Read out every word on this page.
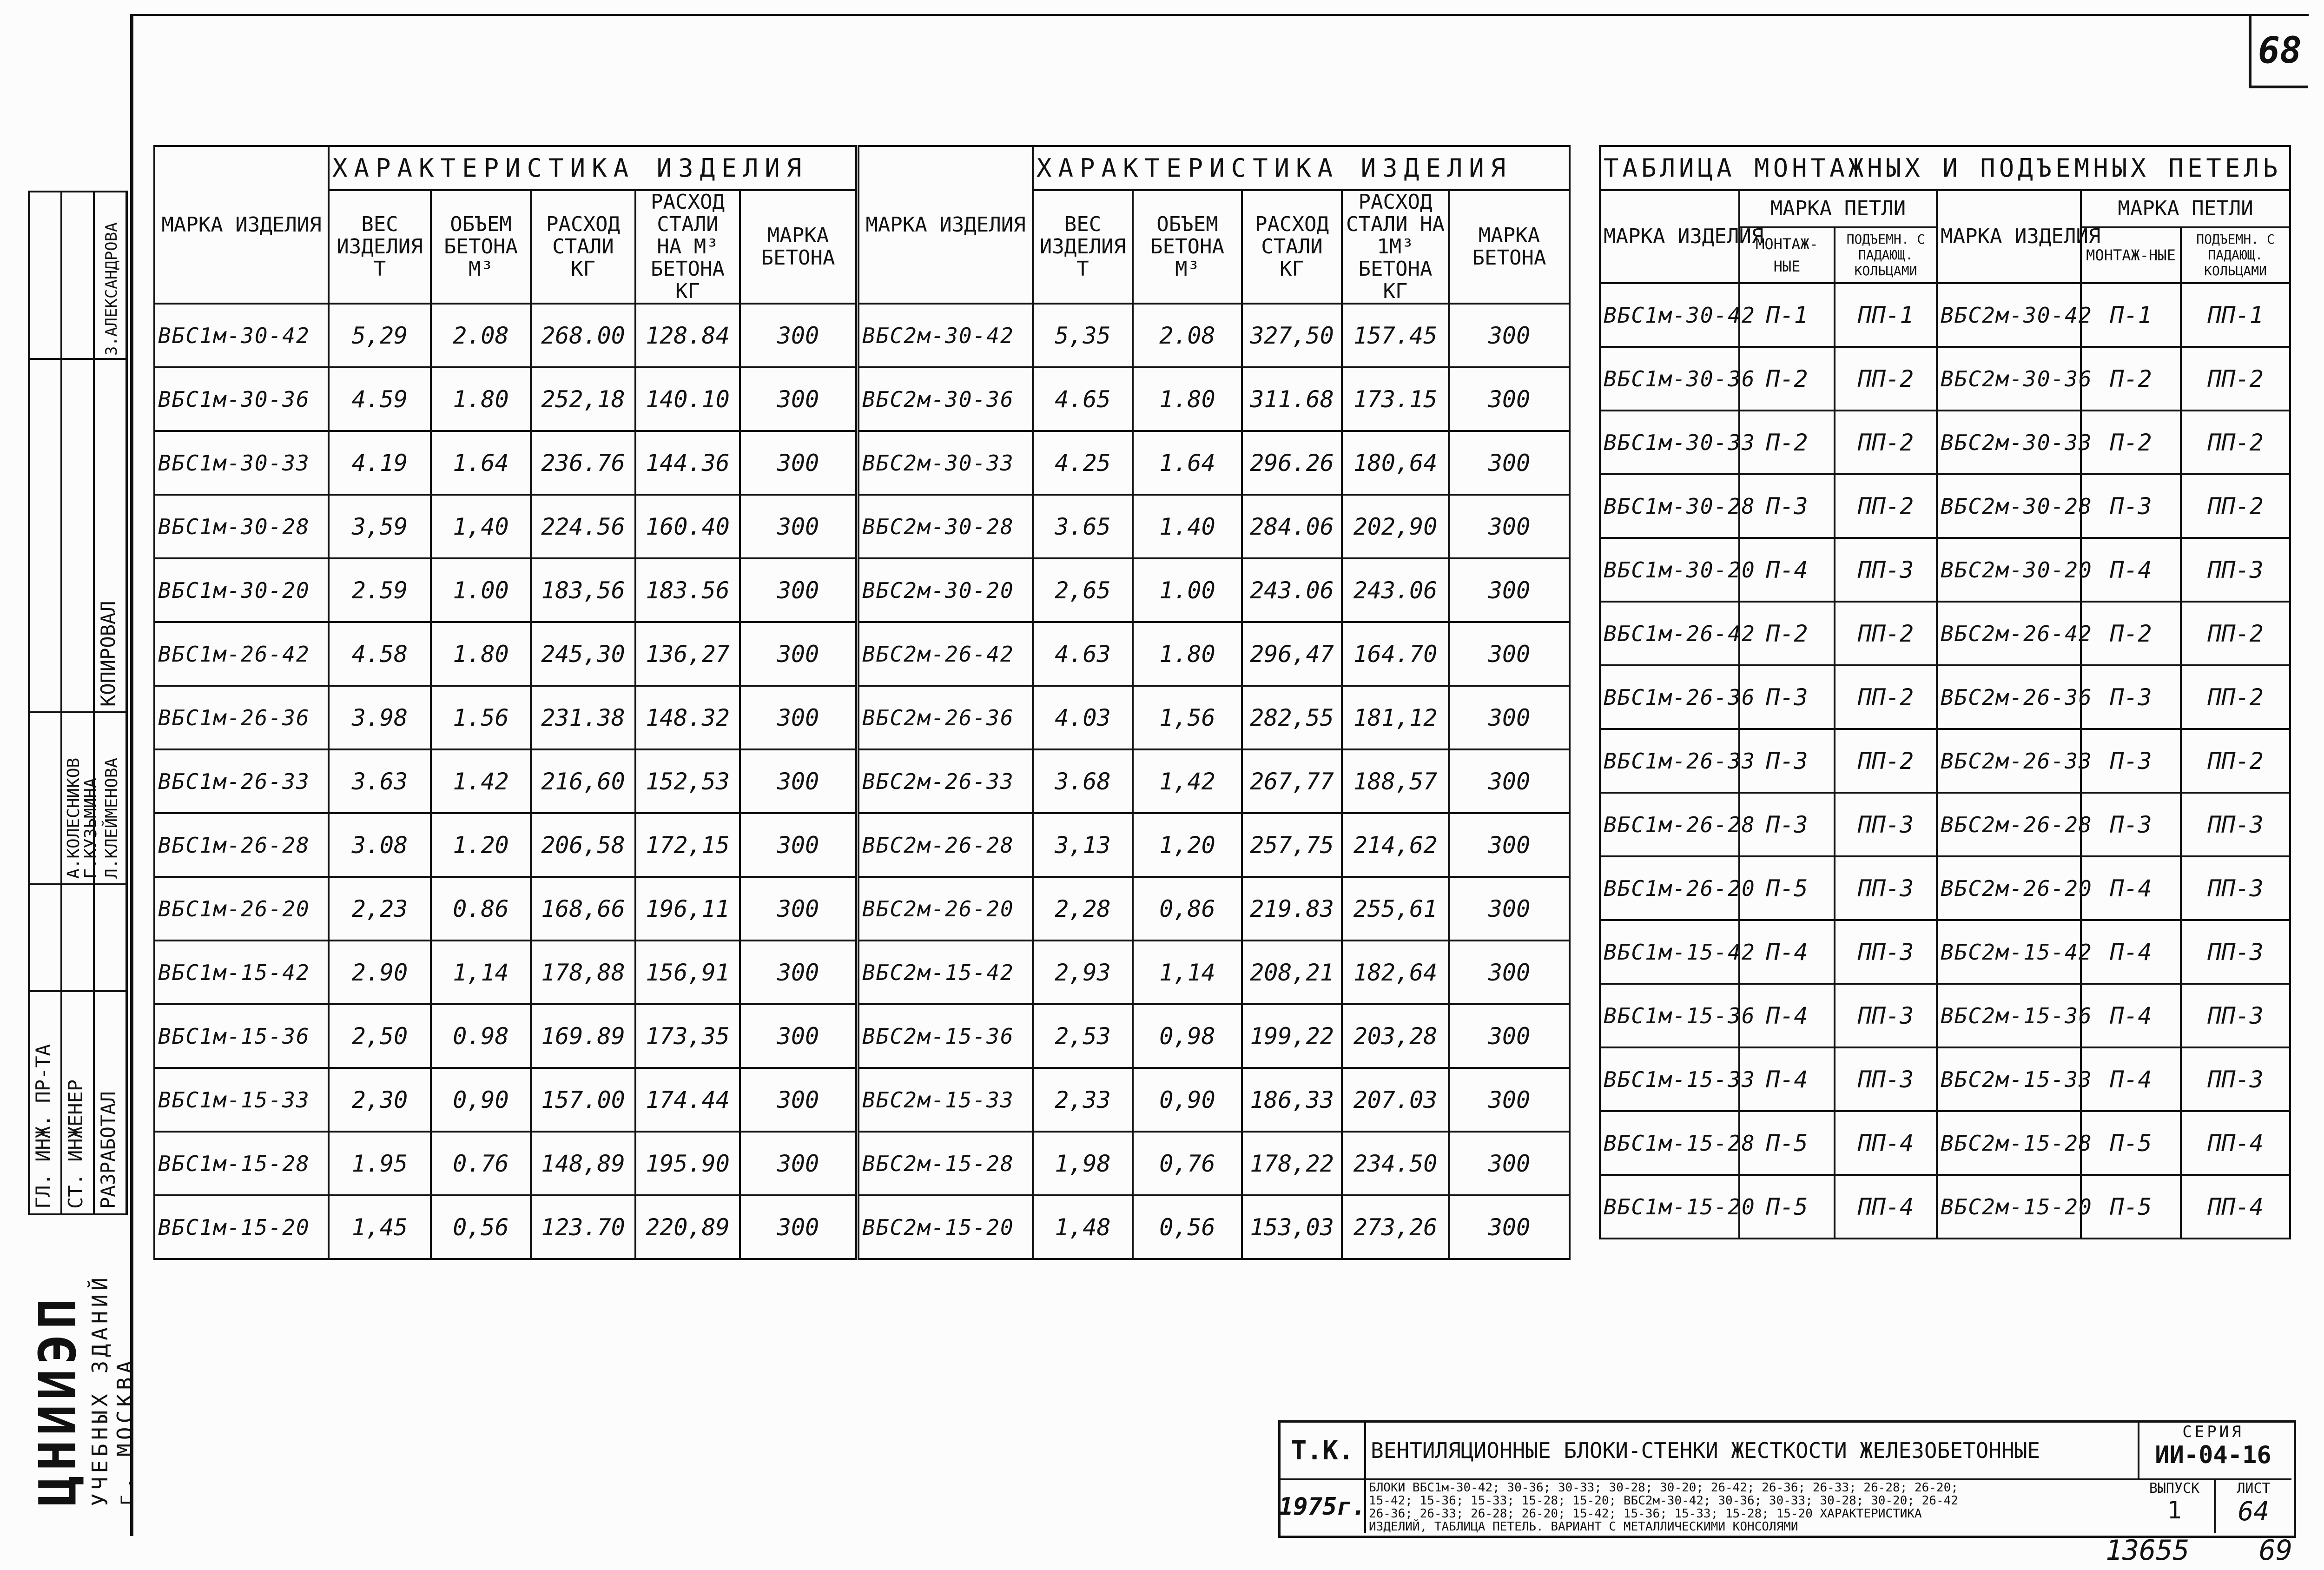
68
МАРКА ИЗДЕЛИЯ	ХАРАКТЕРИСТИКА ИЗДЕЛИЯ				
	ВЕС ИЗДЕЛИЯ Т	ОБЪЕМ БЕТОНА М³	РАСХОД СТАЛИ КГ	РАСХОД СТАЛИ НА М³ БЕТОНА КГ	МАРКА БЕТОНА
ВБС1м-30-42	5,29	2.08	268.00	128.84	300
ВБС1м-30-36	4.59	1.80	252,18	140.10	300
ВБС1м-30-33	4.19	1.64	236.76	144.36	300
ВБС1м-30-28	3,59	1,40	224.56	160.40	300
ВБС1м-30-20	2.59	1.00	183,56	183.56	300
ВБС1м-26-42	4.58	1.80	245,30	136,27	300
ВБС1м-26-36	3.98	1.56	231.38	148.32	300
ВБС1м-26-33	3.63	1.42	216,60	152,53	300
ВБС1м-26-28	3.08	1.20	206,58	172,15	300
ВБС1м-26-20	2,23	0.86	168,66	196,11	300
ВБС1м-15-42	2.90	1,14	178,88	156,91	300
ВБС1м-15-36	2,50	0.98	169.89	173,35	300
ВБС1м-15-33	2,30	0,90	157.00	174.44	300
ВБС1м-15-28	1.95	0.76	148,89	195.90	300
ВБС1м-15-20	1,45	0,56	123.70	220,89	300
МАРКА ИЗДЕЛИЯ	ХАРАКТЕРИСТИКА ИЗДЕЛИЯ				
	ВЕС ИЗДЕЛИЯ Т	ОБЪЕМ БЕТОНА М³	РАСХОД СТАЛИ КГ	РАСХОД СТАЛИ НА 1М³ БЕТОНА КГ	МАРКА БЕТОНА
ВБС2м-30-42	5,35	2.08	327,50	157.45	300
ВБС2м-30-36	4.65	1.80	311.68	173.15	300
ВБС2м-30-33	4.25	1.64	296.26	180,64	300
ВБС2м-30-28	3.65	1.40	284.06	202,90	300
ВБС2м-30-20	2,65	1.00	243.06	243.06	300
ВБС2м-26-42	4.63	1.80	296,47	164.70	300
ВБС2м-26-36	4.03	1,56	282,55	181,12	300
ВБС2м-26-33	3.68	1,42	267,77	188,57	300
ВБС2м-26-28	3,13	1,20	257,75	214,62	300
ВБС2м-26-20	2,28	0,86	219.83	255,61	300
ВБС2м-15-42	2,93	1,14	208,21	182,64	300
ВБС2м-15-36	2,53	0,98	199,22	203,28	300
ВБС2м-15-33	2,33	0,90	186,33	207.03	300
ВБС2м-15-28	1,98	0,76	178,22	234.50	300
ВБС2м-15-20	1,48	0,56	153,03	273,26	300
ТАБЛИЦА МОНТАЖНЫХ И ПОДЪЕМНЫХ ПЕТЕЛЬ					
МАРКА ИЗДЕЛИЯ	МАРКА ПЕТЛИ		МАРКА ИЗДЕЛИЯ	МАРКА ПЕТЛИ	
	МОНТАЖ-НЫЕ	ПОДЪЕМН. С ПАДАЮЩ. КОЛЬЦАМИ		МОНТАЖ-НЫЕ	ПОДЪЕМН. С ПАДАЮЩ. КОЛЬЦАМИ
ВБС1м-30-42	П-1	ПП-1	ВБС2м-30-42	П-1	ПП-1
ВБС1м-30-36	П-2	ПП-2	ВБС2м-30-36	П-2	ПП-2
ВБС1м-30-33	П-2	ПП-2	ВБС2м-30-33	П-2	ПП-2
ВБС1м-30-28	П-3	ПП-2	ВБС2м-30-28	П-3	ПП-2
ВБС1м-30-20	П-4	ПП-3	ВБС2м-30-20	П-4	ПП-3
ВБС1м-26-42	П-2	ПП-2	ВБС2м-26-42	П-2	ПП-2
ВБС1м-26-36	П-3	ПП-2	ВБС2м-26-36	П-3	ПП-2
ВБС1м-26-33	П-3	ПП-2	ВБС2м-26-33	П-3	ПП-2
ВБС1м-26-28	П-3	ПП-3	ВБС2м-26-28	П-3	ПП-3
ВБС1м-26-20	П-5	ПП-3	ВБС2м-26-20	П-4	ПП-3
ВБС1м-15-42	П-4	ПП-3	ВБС2м-15-42	П-4	ПП-3
ВБС1м-15-36	П-4	ПП-3	ВБС2м-15-36	П-4	ПП-3
ВБС1м-15-33	П-4	ПП-3	ВБС2м-15-33	П-4	ПП-3
ВБС1м-15-28	П-5	ПП-4	ВБС2м-15-28	П-5	ПП-4
ВБС1м-15-20	П-5	ПП-4	ВБС2м-15-20	П-5	ПП-4
ГЛ. ИНЖ. ПР-ТА СТ. ИНЖЕНЕР РАЗРАБОТАЛ
КОПИРОВАЛ
А.КОЛЕСНИКОВ
Г.КУЗЬМИНА Л.КЛЕЙМЕНОВА
З.АЛЕКСАНДРОВА
ЦНИИЭП УЧЕБНЫХ ЗДАНИЙ г. МОСКВА	Т.К.
1975г.
ВЕНТИЛЯЦИОННЫЕ БЛОКИ-СТЕНКИ ЖЕСТКОСТИ ЖЕЛЕЗОБЕТОННЫЕ
БЛОКИ ВБС1м-30-42; 30-36; 30-33; 30-28; 30-20; 26-42; 26-36; 26-33; 26-28; 26-20;
15-42; 15-36; 15-33; 15-28; 15-20; ВБС2м-30-42; 30-36; 30-33; 30-28; 30-20; 26-42
26-36; 26-33; 26-28; 26-20; 15-42; 15-36; 15-33; 15-28; 15-20 ХАРАКТЕРИСТИКА
ИЗДЕЛИЙ, ТАБЛИЦА ПЕТЕЛЬ. ВАРИАНТ С МЕТАЛЛИЧЕСКИМИ КОНСОЛЯМИ
СЕРИЯ
ИИ-04-16
ВЫПУСК
1
ЛИСТ
64
13655 69
